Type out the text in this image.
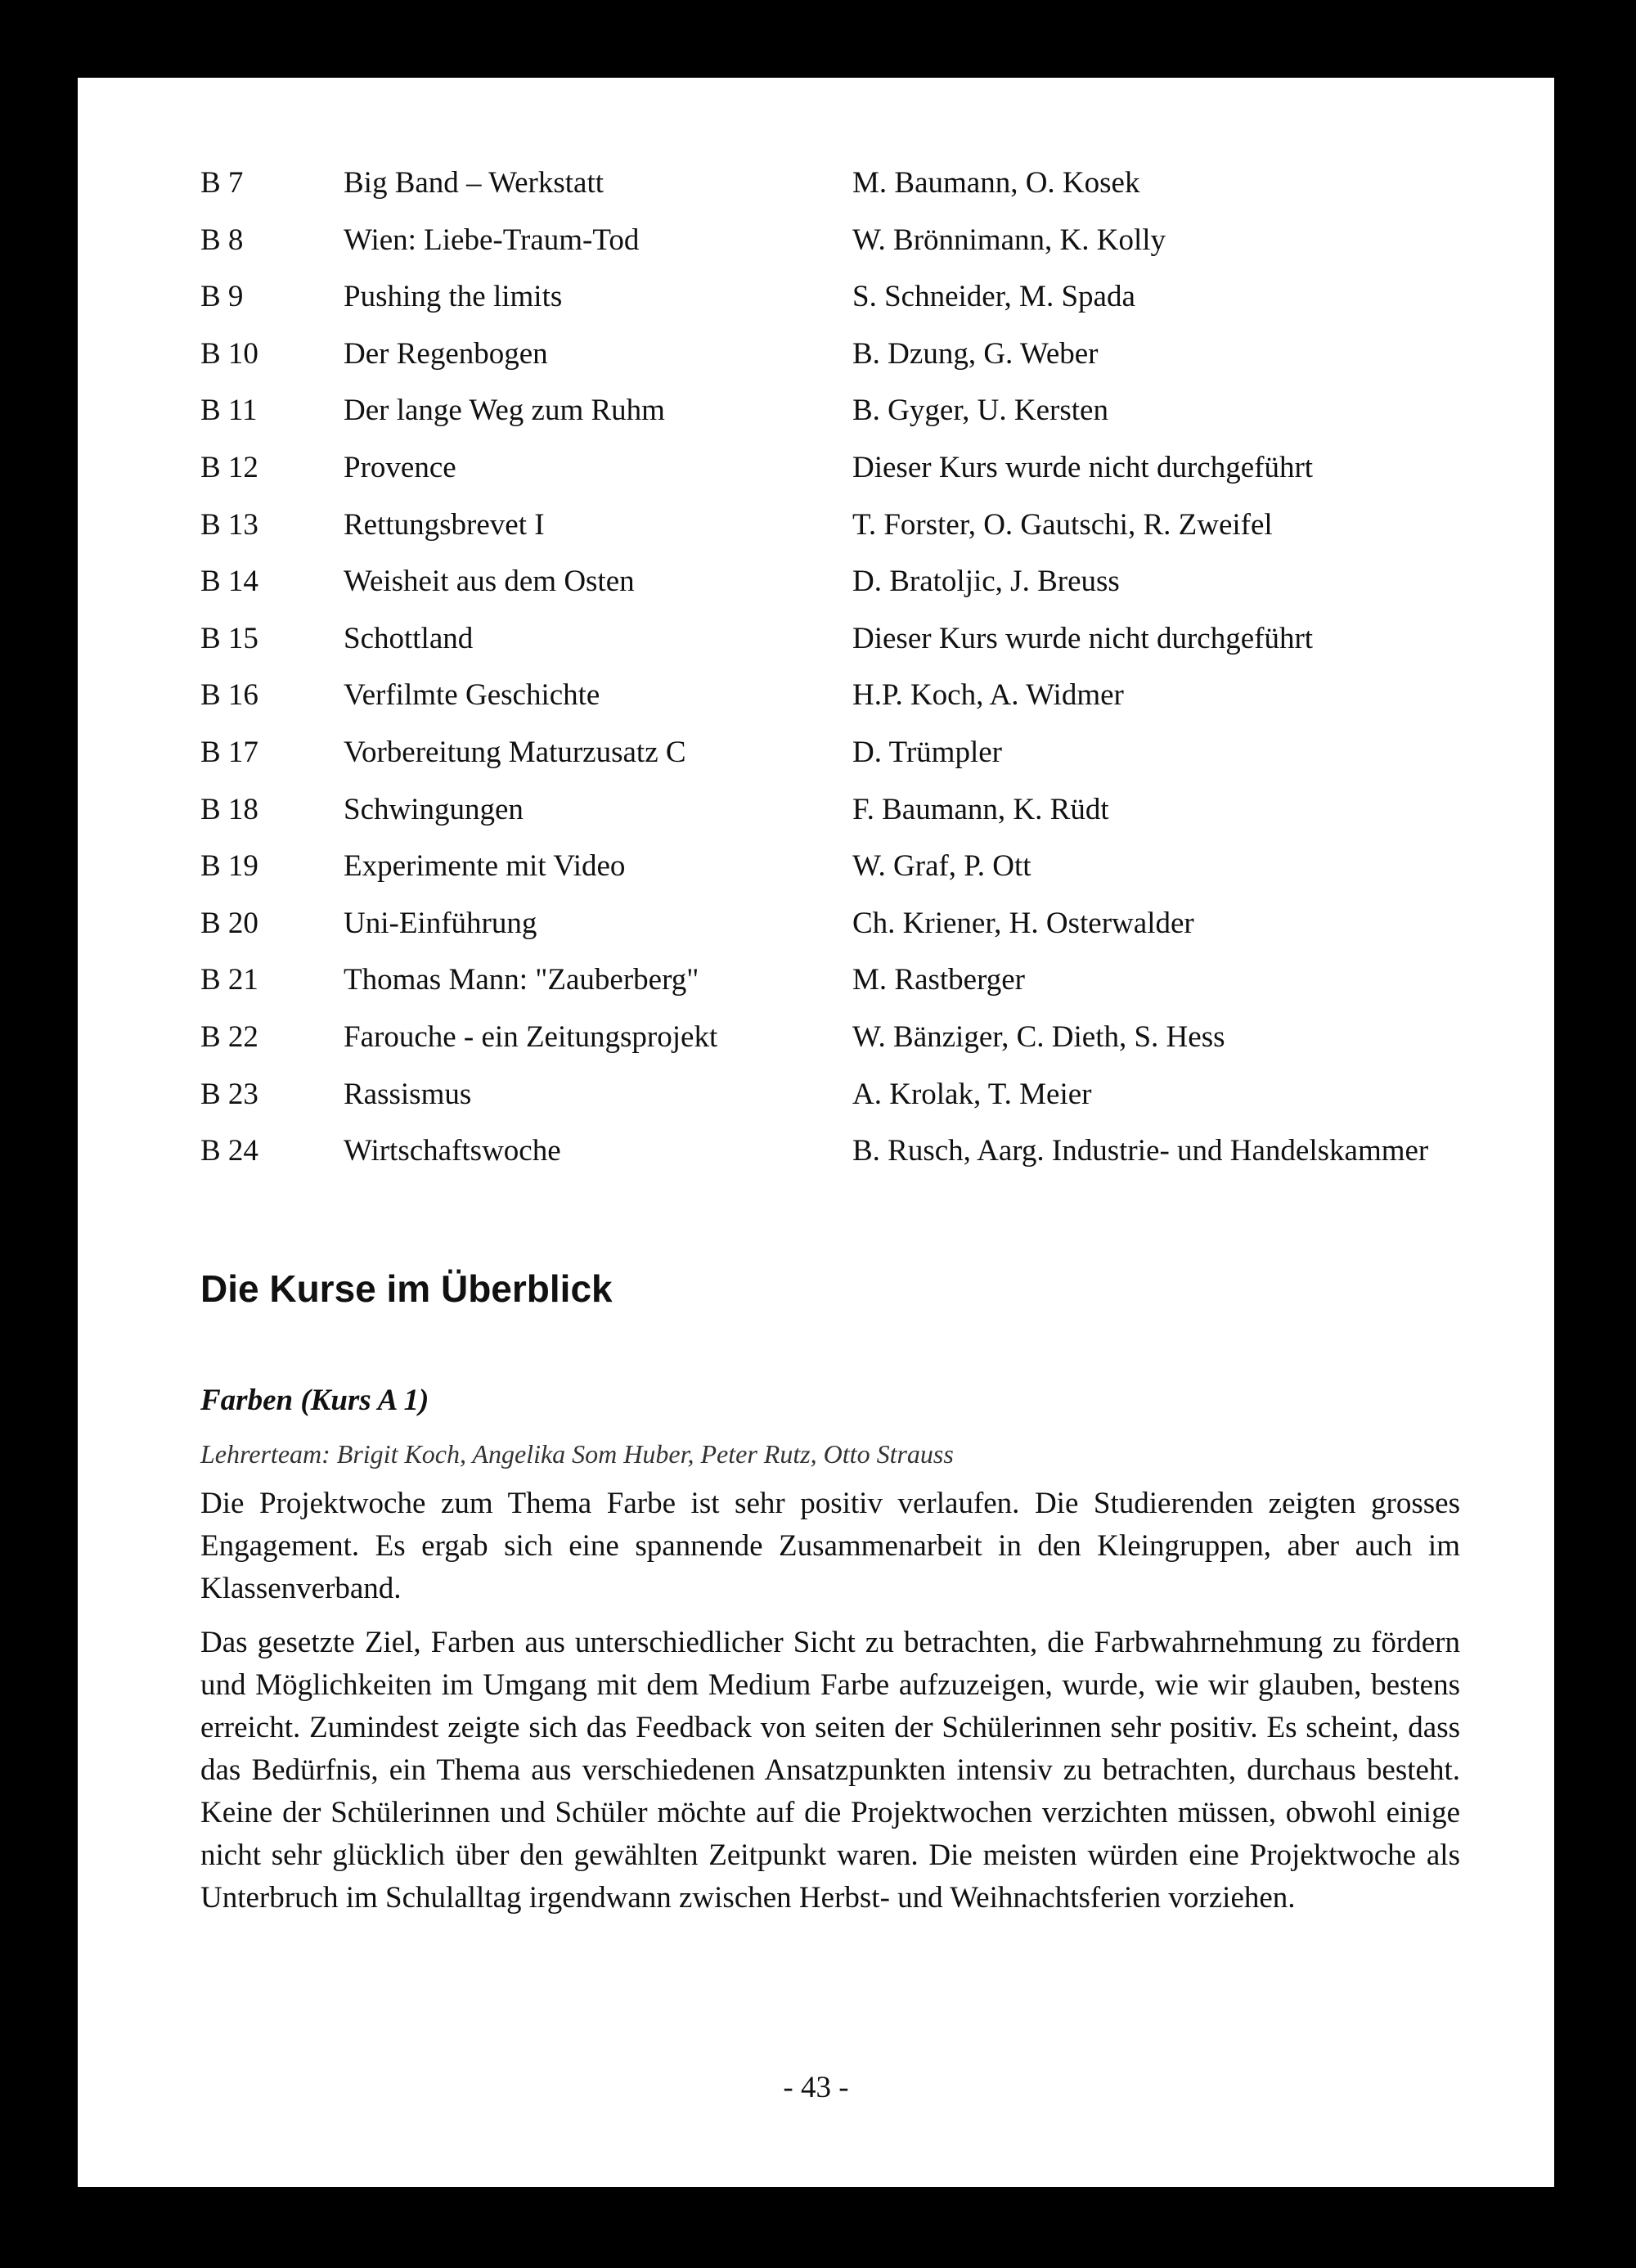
B 7	Big Band – Werkstatt	M. Baumann, O. Kosek
B 8	Wien: Liebe-Traum-Tod	W. Brönnimann, K. Kolly
B 9	Pushing the limits	S. Schneider, M. Spada
B 10	Der Regenbogen	B. Dzung, G. Weber
B 11	Der lange Weg zum Ruhm	B. Gyger, U. Kersten
B 12	Provence	Dieser Kurs wurde nicht durchgeführt
B 13	Rettungsbrevet I	T. Forster, O. Gautschi, R. Zweifel
B 14	Weisheit aus dem Osten	D. Bratoljic, J. Breuss
B 15	Schottland	Dieser Kurs wurde nicht durchgeführt
B 16	Verfilmte Geschichte	H.P. Koch, A. Widmer
B 17	Vorbereitung Maturzusatz C	D. Trümpler
B 18	Schwingungen	F. Baumann, K. Rüdt
B 19	Experimente mit Video	W. Graf, P. Ott
B 20	Uni-Einführung	Ch. Kriener, H. Osterwalder
B 21	Thomas Mann: "Zauberberg"	M. Rastberger
B 22	Farouche - ein Zeitungsprojekt	W. Bänziger, C. Dieth, S. Hess
B 23	Rassismus	A. Krolak, T. Meier
B 24	Wirtschaftswoche	B. Rusch, Aarg. Industrie- und Handelskammer
Die Kurse im Überblick
Farben (Kurs A 1)

Lehrerteam: Brigit Koch, Angelika Som Huber, Peter Rutz, Otto Strauss

Die Projektwoche zum Thema Farbe ist sehr positiv verlaufen. Die Studierenden zeigten grosses Engagement. Es ergab sich eine spannende Zusammenarbeit in den Kleingruppen, aber auch im Klassenverband.

Das gesetzte Ziel, Farben aus unterschiedlicher Sicht zu betrachten, die Farbwahrnehmung zu fördern und Möglichkeiten im Umgang mit dem Medium Farbe aufzuzeigen, wurde, wie wir glauben, bestens erreicht. Zumindest zeigte sich das Feedback von seiten der Schülerinnen sehr positiv. Es scheint, dass das Bedürfnis, ein Thema aus verschiedenen Ansatzpunkten intensiv zu betrachten, durchaus besteht. Keine der Schülerinnen und Schüler möchte auf die Projektwochen verzichten müssen, obwohl einige nicht sehr glücklich über den gewählten Zeitpunkt waren. Die meisten würden eine Projektwoche als Unterbruch im Schulalltag irgendwann zwischen Herbst- und Weihnachtsferien vorziehen.

- 43 -
